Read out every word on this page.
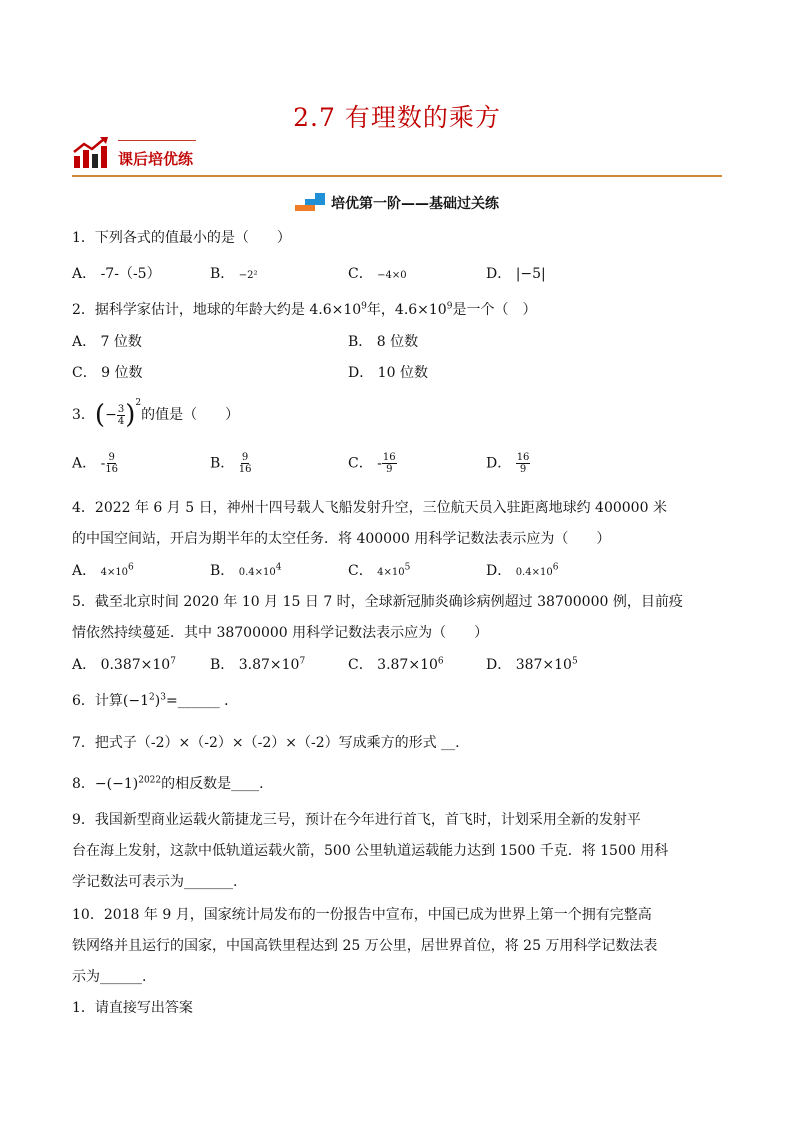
2.7 有理数的乘方
课后培优练
培优第一阶——基础过关练
1．下列各式的值最小的是（　　）
A． -7-（-5）	B． −2²	C． −4×0	D． |−5|
2．据科学家估计，地球的年龄大约是 $4.6\times 10^9$年，$4.6\times 10^9$是一个（　）
A． 7 位数	B． 8 位数
C． 9 位数	D． 10 位数
3．(− $\frac{3}{4} )^2$的值是（　　）
A． - $\frac{9}{16}$	B． $\frac{9}{16}$	C． - $\frac{16}{9}$	D． $\frac{16}{9}$
4．2022 年 6 月 5 日，神州十四号载人飞船发射升空，三位航天员入驻距离地球约 400000 米
的中国空间站，开启为期半年的太空任务．将 400000 用科学记数法表示应为（　　）
A． $4\times 10^6$	B． $0.4\times 10^4$	C． $4\times 10^5$	D． $0.4\times 10^6$
5．截至北京时间 2020 年 10 月 15 日 7 时，全球新冠肺炎确诊病例超过 38700000 例，目前疫
情依然持续蔓延．其中 38700000 用科学记数法表示应为（　　）
A． $0.387\times 10^7$ B． $3.87\times 10^7$	C． $3.87\times 10^6$	D． $387\times 10^5$
6．计算$(-1^2)^3=\_\_\_\_\_\_$ ．
7．把式子（-2）×（-2）×（-2）×（-2）写成乘方的形式 __.
8．$-(-1)^{2022}$的相反数是____.
9．我国新型商业运载火箭捷龙三号，预计在今年进行首飞，首飞时，计划采用全新的发射平
台在海上发射，这款中低轨道运载火箭，500 公里轨道运载能力达到 1500 千克．将 1500 用科
学记数法可表示为_______.
10．2018 年 9 月，国家统计局发布的一份报告中宣布，中国已成为世界上第一个拥有完整高
铁网络并且运行的国家，中国高铁里程达到 25 万公里，居世界首位，将 25 万用科学记数法表
示为______.
1．请直接写出答案
